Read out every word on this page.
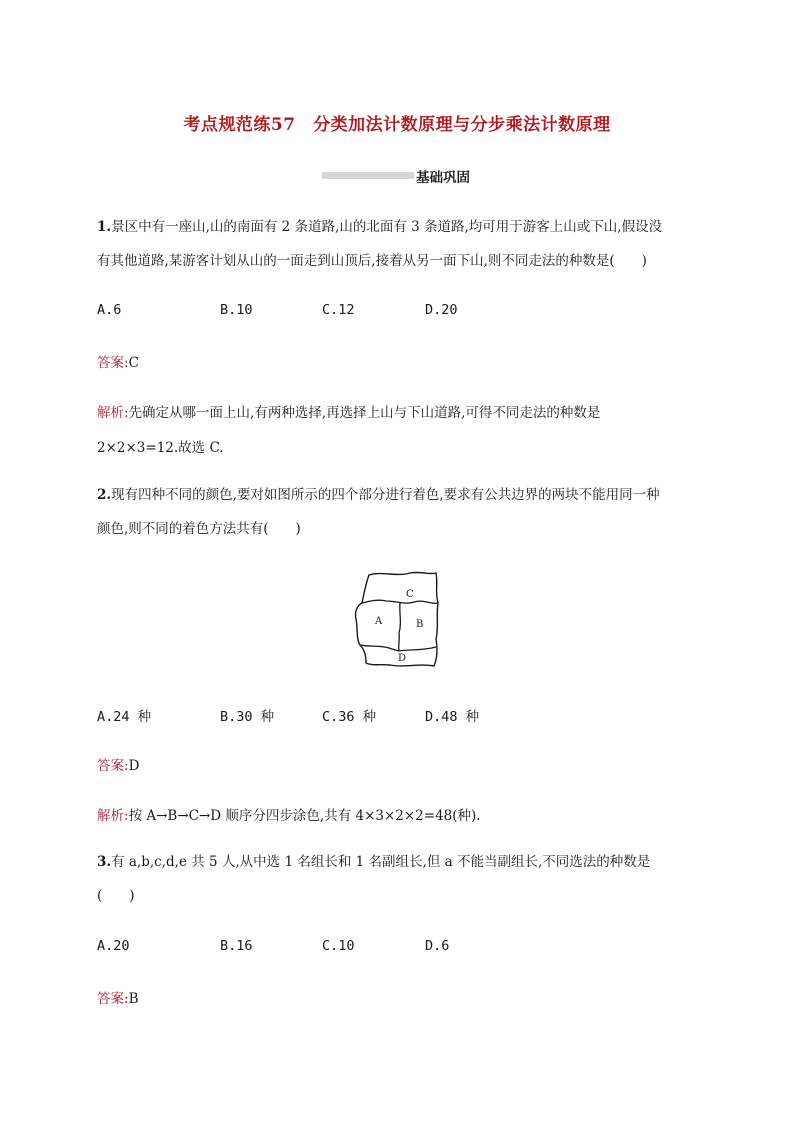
考点规范练57　分类加法计数原理与分步乘法计数原理
基础巩固
1.景区中有一座山,山的南面有 2 条道路,山的北面有 3 条道路,均可用于游客上山或下山,假设没
有其他道路,某游客计划从山的一面走到山顶后,接着从另一面下山,则不同走法的种数是(　　)
A.6	B.10	C.12	D.20
答案:C
解析:先确定从哪一面上山,有两种选择,再选择上山与下山道路,可得不同走法的种数是
2×2×3=12.故选 C.
2.现有四种不同的颜色,要对如图所示的四个部分进行着色,要求有公共边界的两块不能用同一种
颜色,则不同的着色方法共有(　　)
C
A	B
D
A.24 种	B.30 种	C.36 种	D.48 种
答案:D
解析:按 A→B→C→D 顺序分四步涂色,共有 4×3×2×2=48(种).
3.有 a,b,c,d,e 共 5 人,从中选 1 名组长和 1 名副组长,但 a 不能当副组长,不同选法的种数是
(　　)
A.20	B.16	C.10	D.6
答案:B
